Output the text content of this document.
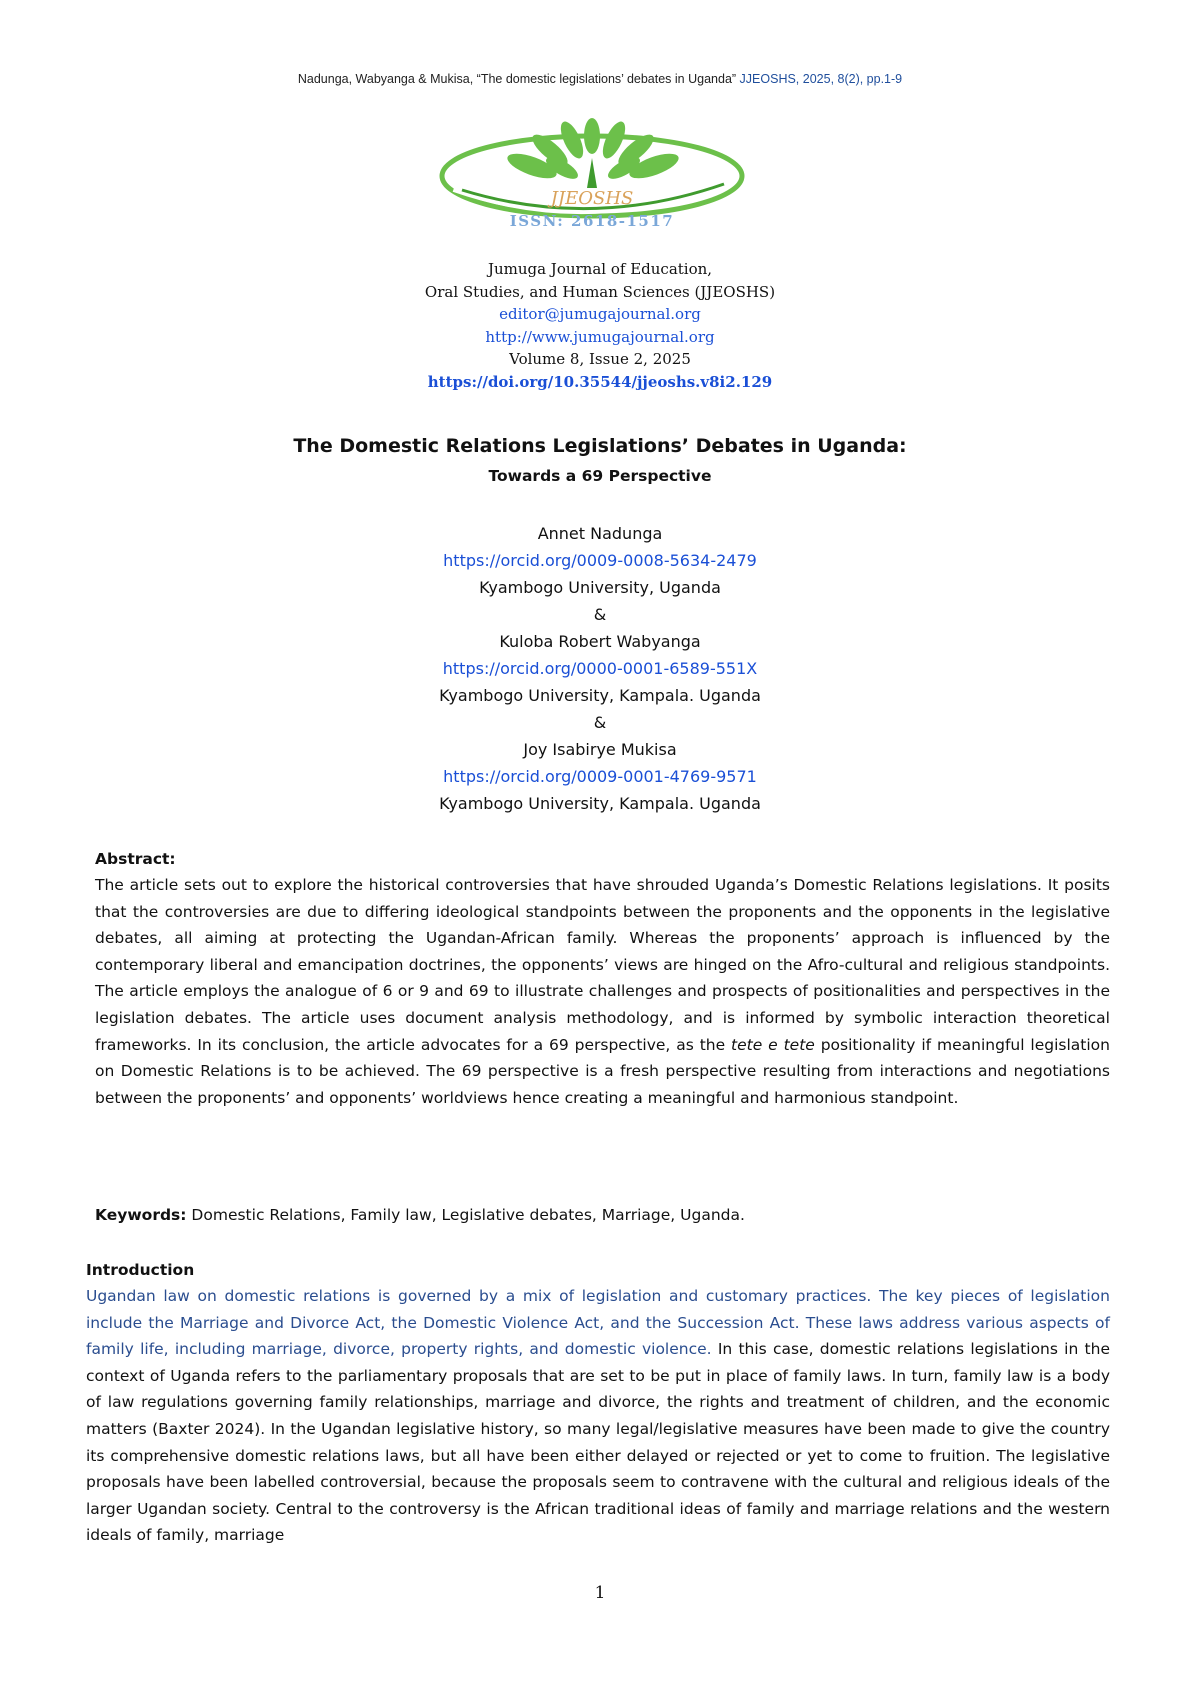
Nadunga, Wabyanga & Mukisa, “The domestic legislations’ debates in Uganda” JJEOSHS, 2025, 8(2), pp.1-9
JJEOSHS
ISSN: 2618-1517
Jumuga Journal of Education,
Oral Studies, and Human Sciences (JJEOSHS)
editor@jumugajournal.org
http://www.jumugajournal.org
Volume 8, Issue 2, 2025
https://doi.org/10.35544/jjeoshs.v8i2.129
The Domestic Relations Legislations’ Debates in Uganda:
Towards a 69 Perspective
Annet Nadunga
https://orcid.org/0009-0008-5634-2479
Kyambogo University, Uganda
&
Kuloba Robert Wabyanga
https://orcid.org/0000-0001-6589-551X
Kyambogo University, Kampala. Uganda
&
Joy Isabirye Mukisa
https://orcid.org/0009-0001-4769-9571
Kyambogo University, Kampala. Uganda
Abstract:
The article sets out to explore the historical controversies that have shrouded Uganda’s Domestic Relations legislations. It posits that the controversies are due to differing ideological standpoints between the proponents and the opponents in the legislative debates, all aiming at protecting the Ugandan-African family. Whereas the proponents’ approach is influenced by the contemporary liberal and emancipation doctrines, the opponents’ views are hinged on the Afro-cultural and religious standpoints. The article employs the analogue of 6 or 9 and 69 to illustrate challenges and prospects of positionalities and perspectives in the legislation debates. The article uses document analysis methodology, and is informed by symbolic interaction theoretical frameworks. In its conclusion, the article advocates for a 69 perspective, as the tete e tete positionality if meaningful legislation on Domestic Relations is to be achieved. The 69 perspective is a fresh perspective resulting from interactions and negotiations between the proponents’ and opponents’ worldviews hence creating a meaningful and harmonious standpoint.
Keywords: Domestic Relations, Family law, Legislative debates, Marriage, Uganda.
Introduction
Ugandan law on domestic relations is governed by a mix of legislation and customary practices. The key pieces of legislation include the Marriage and Divorce Act, the Domestic Violence Act, and the Succession Act. These laws address various aspects of family life, including marriage, divorce, property rights, and domestic violence. In this case, domestic relations legislations in the context of Uganda refers to the parliamentary proposals that are set to be put in place of family laws. In turn, family law is a body of law regulations governing family relationships, marriage and divorce, the rights and treatment of children, and the economic matters (Baxter 2024). In the Ugandan legislative history, so many legal/legislative measures have been made to give the country its comprehensive domestic relations laws, but all have been either delayed or rejected or yet to come to fruition. The legislative proposals have been labelled controversial, because the proposals seem to contravene with the cultural and religious ideals of the larger Ugandan society. Central to the controversy is the African traditional ideas of family and marriage relations and the western ideals of family, marriage
1
